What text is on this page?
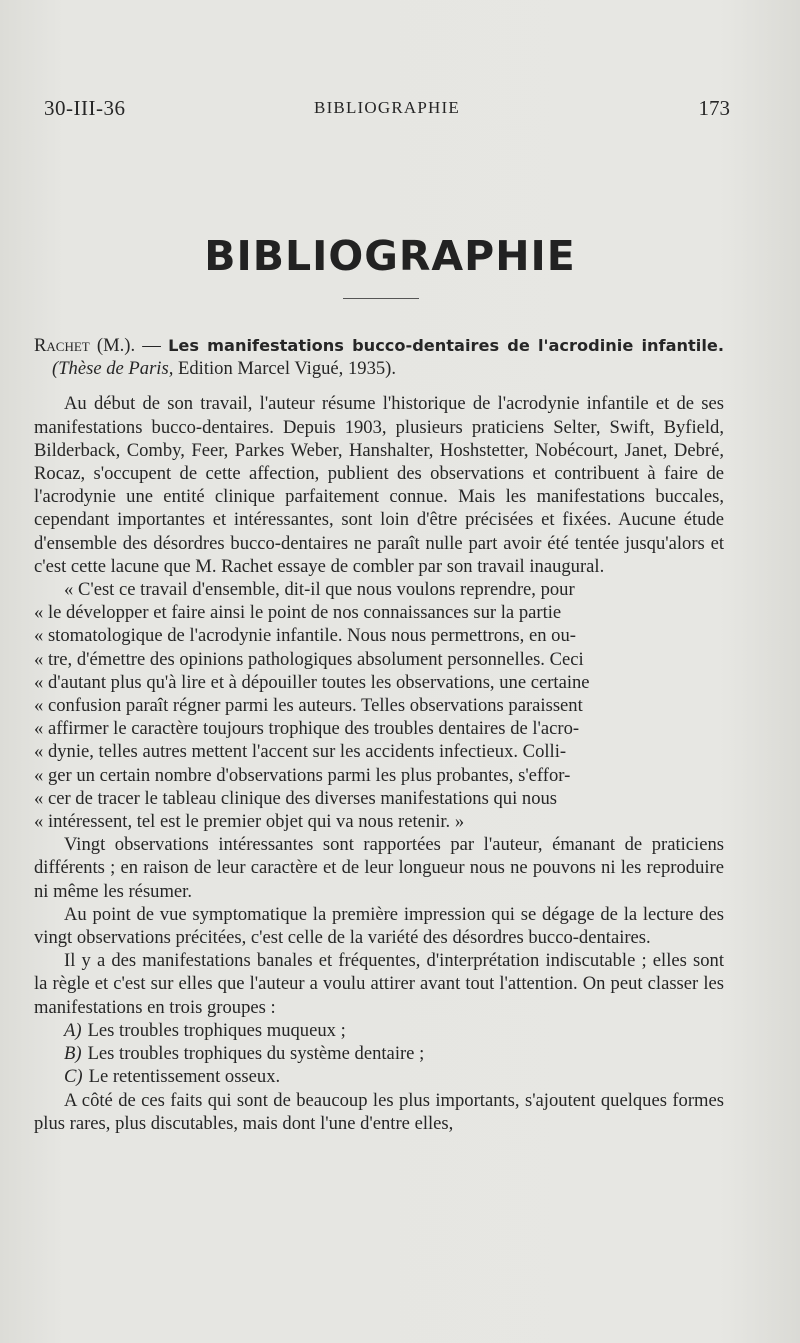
30-III-36	BIBLIOGRAPHIE	173
BIBLIOGRAPHIE

Rachet (M.). — Les manifestations bucco-dentaires de l'acrodinie infantile. (Thèse de Paris, Edition Marcel Vigué, 1935).

Au début de son travail, l'auteur résume l'historique de l'acrodynie infantile et de ses manifestations bucco-dentaires. Depuis 1903, plusieurs praticiens Selter, Swift, Byfield, Bilderback, Comby, Feer, Parkes Weber, Hanshalter, Hoshstetter, Nobécourt, Janet, Debré, Rocaz, s'occupent de cette affection, publient des observations et contribuent à faire de l'acrodynie une entité clinique parfaitement connue. Mais les manifestations buccales, cependant importantes et intéressantes, sont loin d'être précisées et fixées. Aucune étude d'ensemble des désordres bucco-dentaires ne paraît nulle part avoir été tentée jusqu'alors et c'est cette lacune que M. Rachet essaye de combler par son travail inaugural.

« C'est ce travail d'ensemble, dit-il que nous voulons reprendre, pour

« le développer et faire ainsi le point de nos connaissances sur la partie

« stomatologique de l'acrodynie infantile. Nous nous permettrons, en ou-

« tre, d'émettre des opinions pathologiques absolument personnelles. Ceci

« d'autant plus qu'à lire et à dépouiller toutes les observations, une certaine

« confusion paraît régner parmi les auteurs. Telles observations paraissent

« affirmer le caractère toujours trophique des troubles dentaires de l'acro-

« dynie, telles autres mettent l'accent sur les accidents infectieux. Colli-

« ger un certain nombre d'observations parmi les plus probantes, s'effor-

« cer de tracer le tableau clinique des diverses manifestations qui nous

« intéressent, tel est le premier objet qui va nous retenir. »

Vingt observations intéressantes sont rapportées par l'auteur, émanant de praticiens différents ; en raison de leur caractère et de leur longueur nous ne pouvons ni les reproduire ni même les résumer.

Au point de vue symptomatique la première impression qui se dégage de la lecture des vingt observations précitées, c'est celle de la variété des désordres bucco-dentaires.

Il y a des manifestations banales et fréquentes, d'interprétation indiscutable ; elles sont la règle et c'est sur elles que l'auteur a voulu attirer avant tout l'attention. On peut classer les manifestations en trois groupes :

A) Les troubles trophiques muqueux ;

B) Les troubles trophiques du système dentaire ;

C) Le retentissement osseux.

A côté de ces faits qui sont de beaucoup les plus importants, s'ajoutent quelques formes plus rares, plus discutables, mais dont l'une d'entre elles,
